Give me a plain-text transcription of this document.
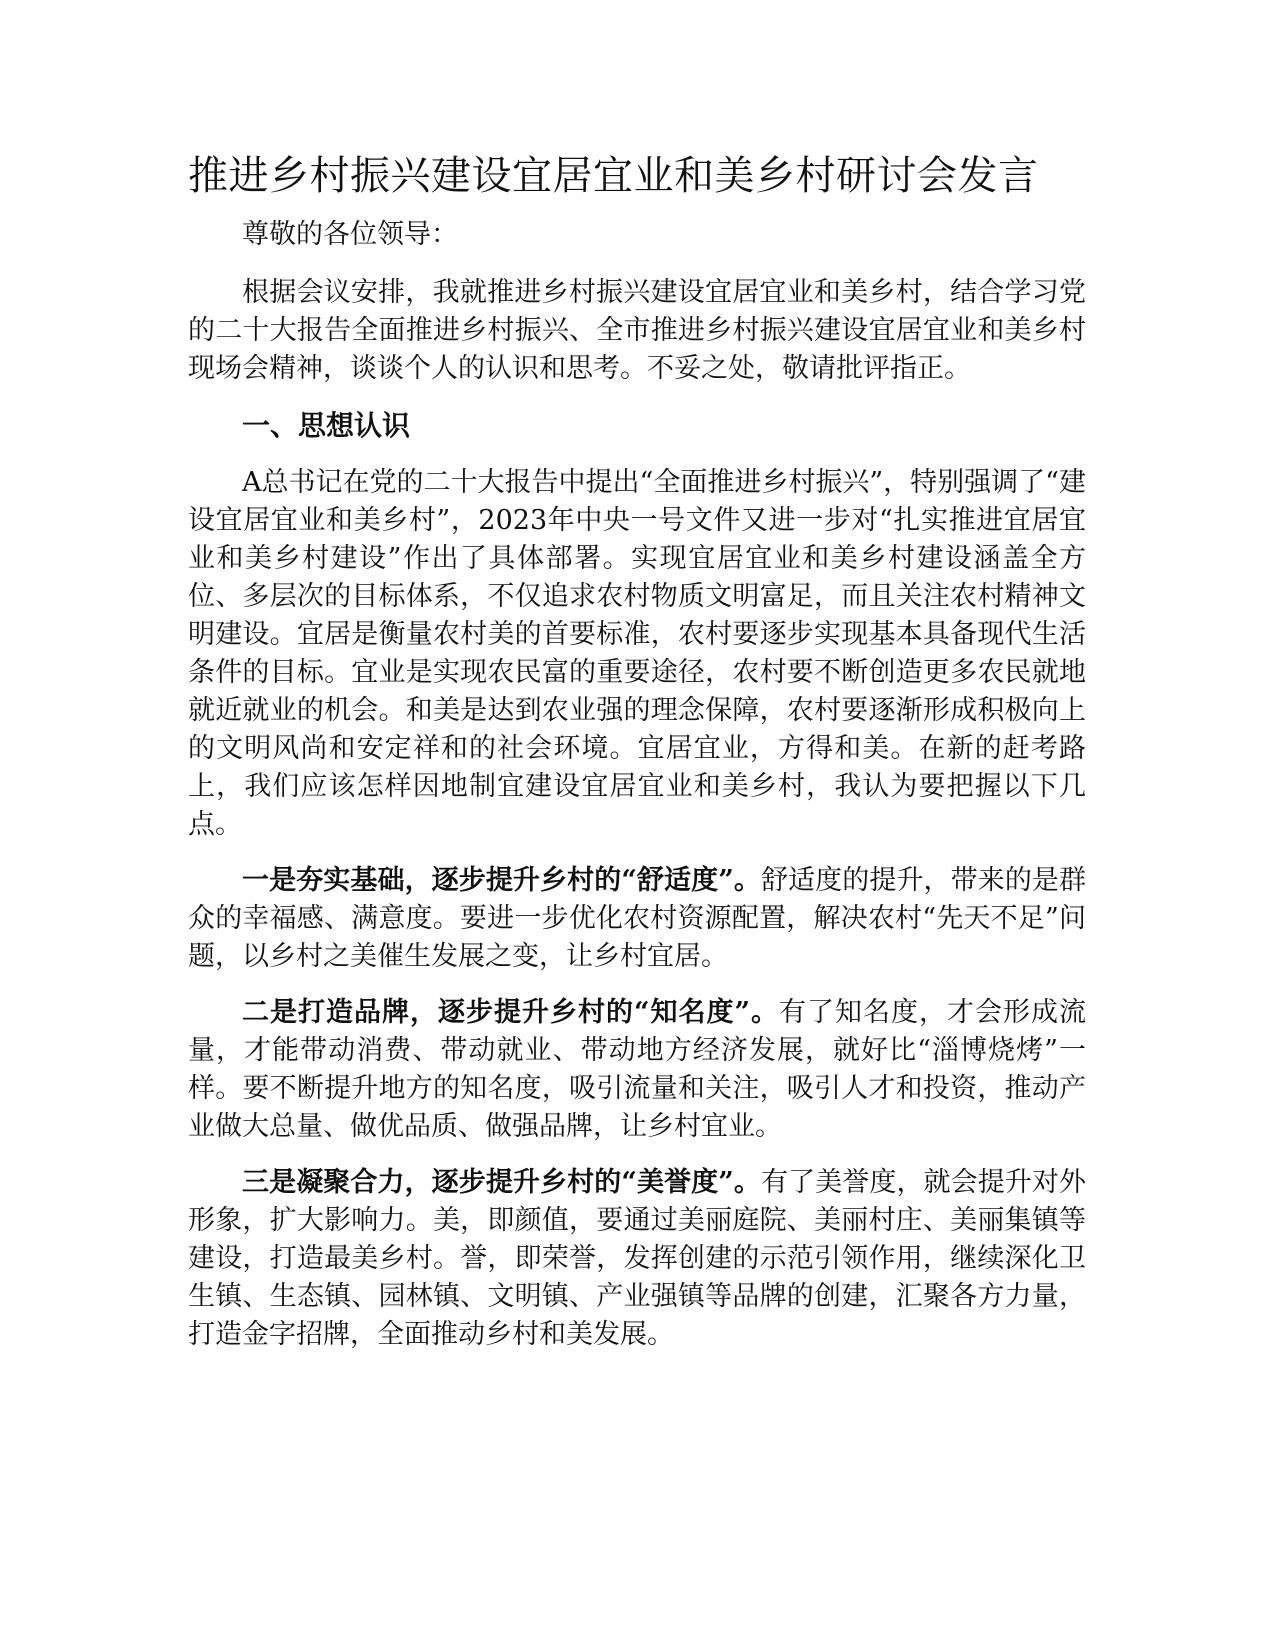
推进乡村振兴建设宜居宜业和美乡村研讨会发言

尊敬的各位领导：

根据会议安排，我就推进乡村振兴建设宜居宜业和美乡村，结合学习党的二十大报告全面推进乡村振兴、全市推进乡村振兴建设宜居宜业和美乡村现场会精神，谈谈个人的认识和思考。不妥之处，敬请批评指正。

一、思想认识

A总书记在党的二十大报告中提出“全面推进乡村振兴”，特别强调了“建设宜居宜业和美乡村”，2023年中央一号文件又进一步对“扎实推进宜居宜业和美乡村建设”作出了具体部署。实现宜居宜业和美乡村建设涵盖全方位、多层次的目标体系，不仅追求农村物质文明富足，而且关注农村精神文明建设。宜居是衡量农村美的首要标准，农村要逐步实现基本具备现代生活条件的目标。宜业是实现农民富的重要途径，农村要不断创造更多农民就地就近就业的机会。和美是达到农业强的理念保障，农村要逐渐形成积极向上的文明风尚和安定祥和的社会环境。宜居宜业，方得和美。在新的赶考路上，我们应该怎样因地制宜建设宜居宜业和美乡村，我认为要把握以下几点。

一是夯实基础，逐步提升乡村的“舒适度”。舒适度的提升，带来的是群众的幸福感、满意度。要进一步优化农村资源配置，解决农村“先天不足”问题，以乡村之美催生发展之变，让乡村宜居。

二是打造品牌，逐步提升乡村的“知名度”。有了知名度，才会形成流量，才能带动消费、带动就业、带动地方经济发展，就好比“淄博烧烤”一样。要不断提升地方的知名度，吸引流量和关注，吸引人才和投资，推动产业做大总量、做优品质、做强品牌，让乡村宜业。

三是凝聚合力，逐步提升乡村的“美誉度”。有了美誉度，就会提升对外形象，扩大影响力。美，即颜值，要通过美丽庭院、美丽村庄、美丽集镇等建设，打造最美乡村。誉，即荣誉，发挥创建的示范引领作用，继续深化卫生镇、生态镇、园林镇、文明镇、产业强镇等品牌的创建，汇聚各方力量，打造金字招牌，全面推动乡村和美发展。
